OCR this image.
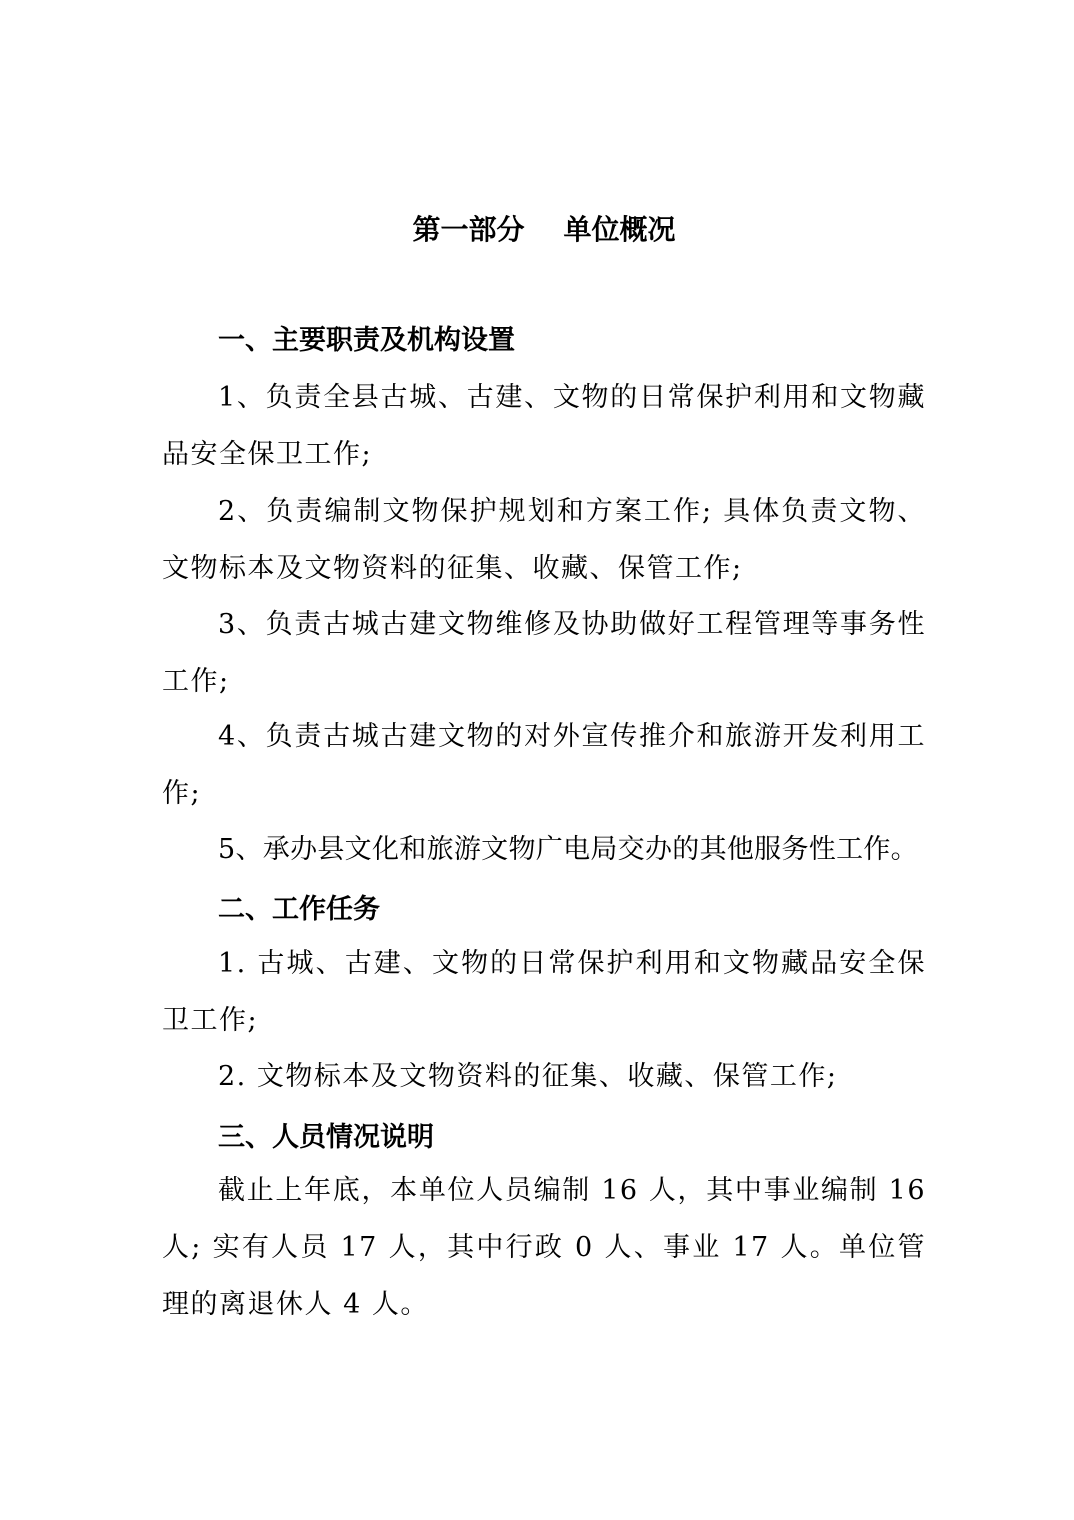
第一部分    单位概况
一、主要职责及机构设置
1、负责全县古城、古建、文物的日常保护利用和文物藏品安全保卫工作;
2、负责编制文物保护规划和方案工作; 具体负责文物、文物标本及文物资料的征集、收藏、保管工作;
3、负责古城古建文物维修及协助做好工程管理等事务性工作;
4、负责古城古建文物的对外宣传推介和旅游开发利用工作;
5、承办县文化和旅游文物广电局交办的其他服务性工作。
二、工作任务
1. 古城、古建、文物的日常保护利用和文物藏品安全保卫工作;
2. 文物标本及文物资料的征集、收藏、保管工作;
三、人员情况说明
截止上年底，本单位人员编制 16 人，其中事业编制 16 人; 实有人员 17 人，其中行政 0 人、事业 17 人。单位管理的离退休人 4 人。
